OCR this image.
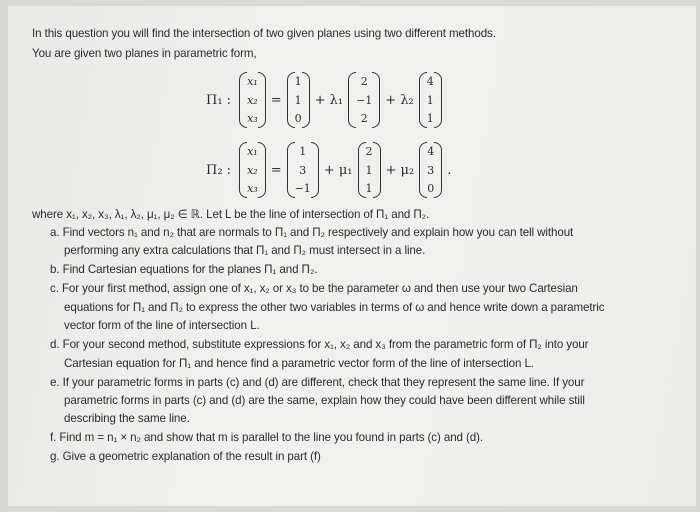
In this question you will find the intersection of two given planes using two different methods.
You are given two planes in parametric form,
Π₁ :
x₁
x₂
x₃
=
1
1
0
+ λ₁
2
−1
2
+ λ₂
4
1
1
Π₂ :
x₁
x₂
x₃
=
1
3
−1
+ μ₁
2
1
1
+ μ₂
4
3
0
.
where x₁, x₂, x₃, λ₁, λ₂, μ₁, μ₂ ∈ ℝ. Let L be the line of intersection of Π₁ and Π₂.
a. Find vectors n₁ and n₂ that are normals to Π₁ and Π₂ respectively and explain how you can tell without
performing any extra calculations that Π₁ and Π₂ must intersect in a line.
b. Find Cartesian equations for the planes Π₁ and Π₂.
c. For your first method, assign one of x₁, x₂ or x₃ to be the parameter ω and then use your two Cartesian
equations for Π₁ and Π₂ to express the other two variables in terms of ω and hence write down a parametric
vector form of the line of intersection L.
d. For your second method, substitute expressions for x₁, x₂ and x₃ from the parametric form of Π₂ into your
Cartesian equation for Π₁ and hence find a parametric vector form of the line of intersection L.
e. If your parametric forms in parts (c) and (d) are different, check that they represent the same line. If your
parametric forms in parts (c) and (d) are the same, explain how they could have been different while still
describing the same line.
f. Find m = n₁ × n₂ and show that m is parallel to the line you found in parts (c) and (d).
g. Give a geometric explanation of the result in part (f)
